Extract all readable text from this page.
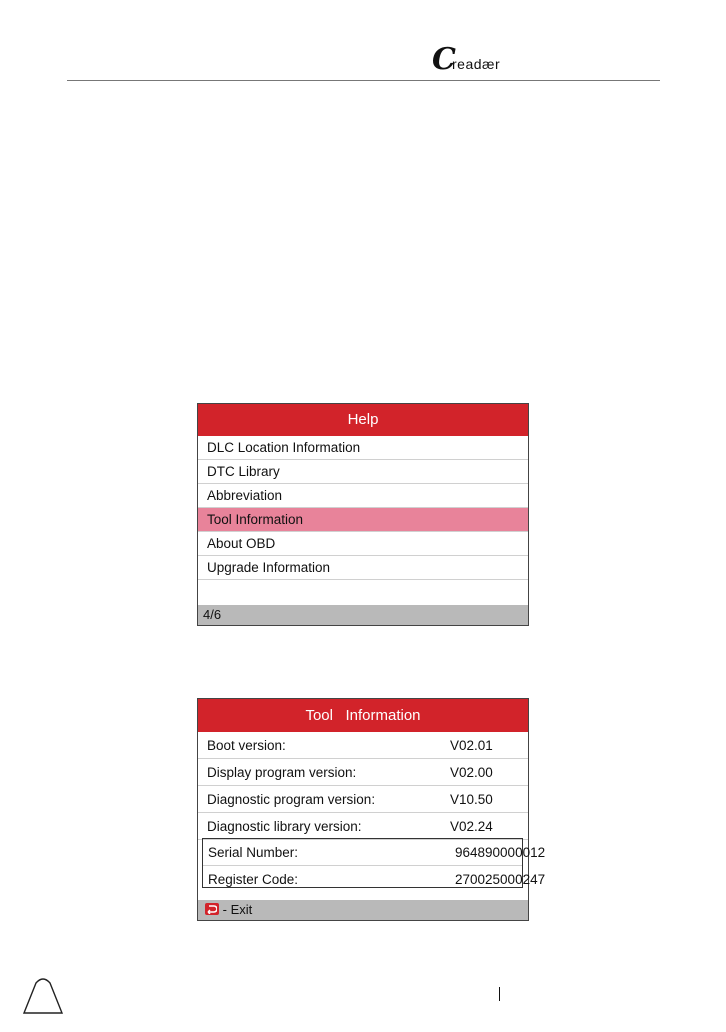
C
readær
Help
DLC Location Information
DTC Library
Abbreviation
Tool Information
About OBD
Upgrade Information
4/6
Tool   Information
Boot version:	V02.01
Display program version:	V02.00
Diagnostic program version:	V10.50
Diagnostic library version:	V02.24
Serial Number:	964890000012
Register Code:	270025000247
- Exit
